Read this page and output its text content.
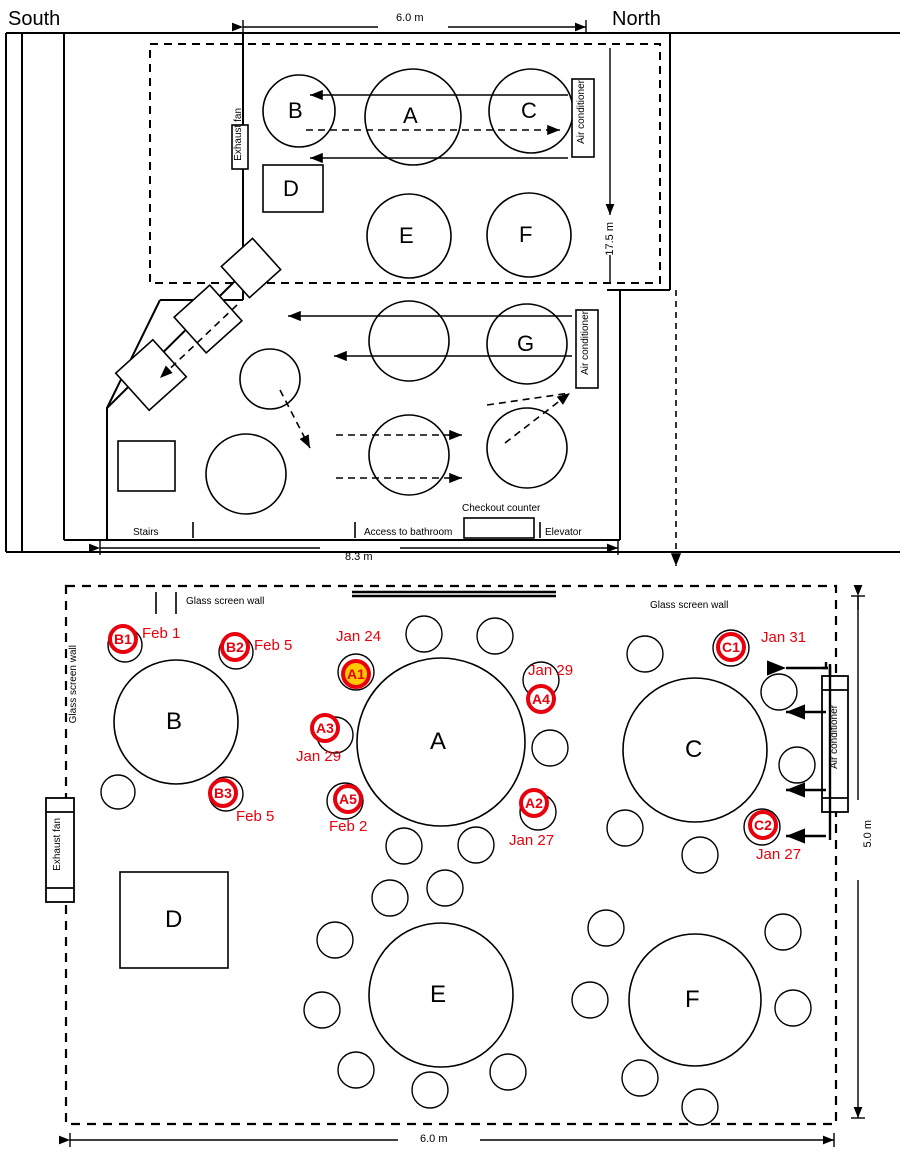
South	North
6.0 m
17.5 m
8.3 m
B	A	C
D
E	F
G
Exhaust fan	Air conditioner
Air conditioner
Stairs	Access to bathroom	Elevator
Checkout counter
Glass screen wall	Glass screen wall
Glass screen wall
Exhaust fan
Air conditioner
B
A	C
D
E	F
5.0 m
6.0 m
B1 Feb 1
B2 Feb 5
B3
Feb 5
A1
Jan 24
A2
Jan 27
A3
Jan 29
A4
Jan 29
A5
Feb 2
C1
Jan 31
C2
Jan 27
